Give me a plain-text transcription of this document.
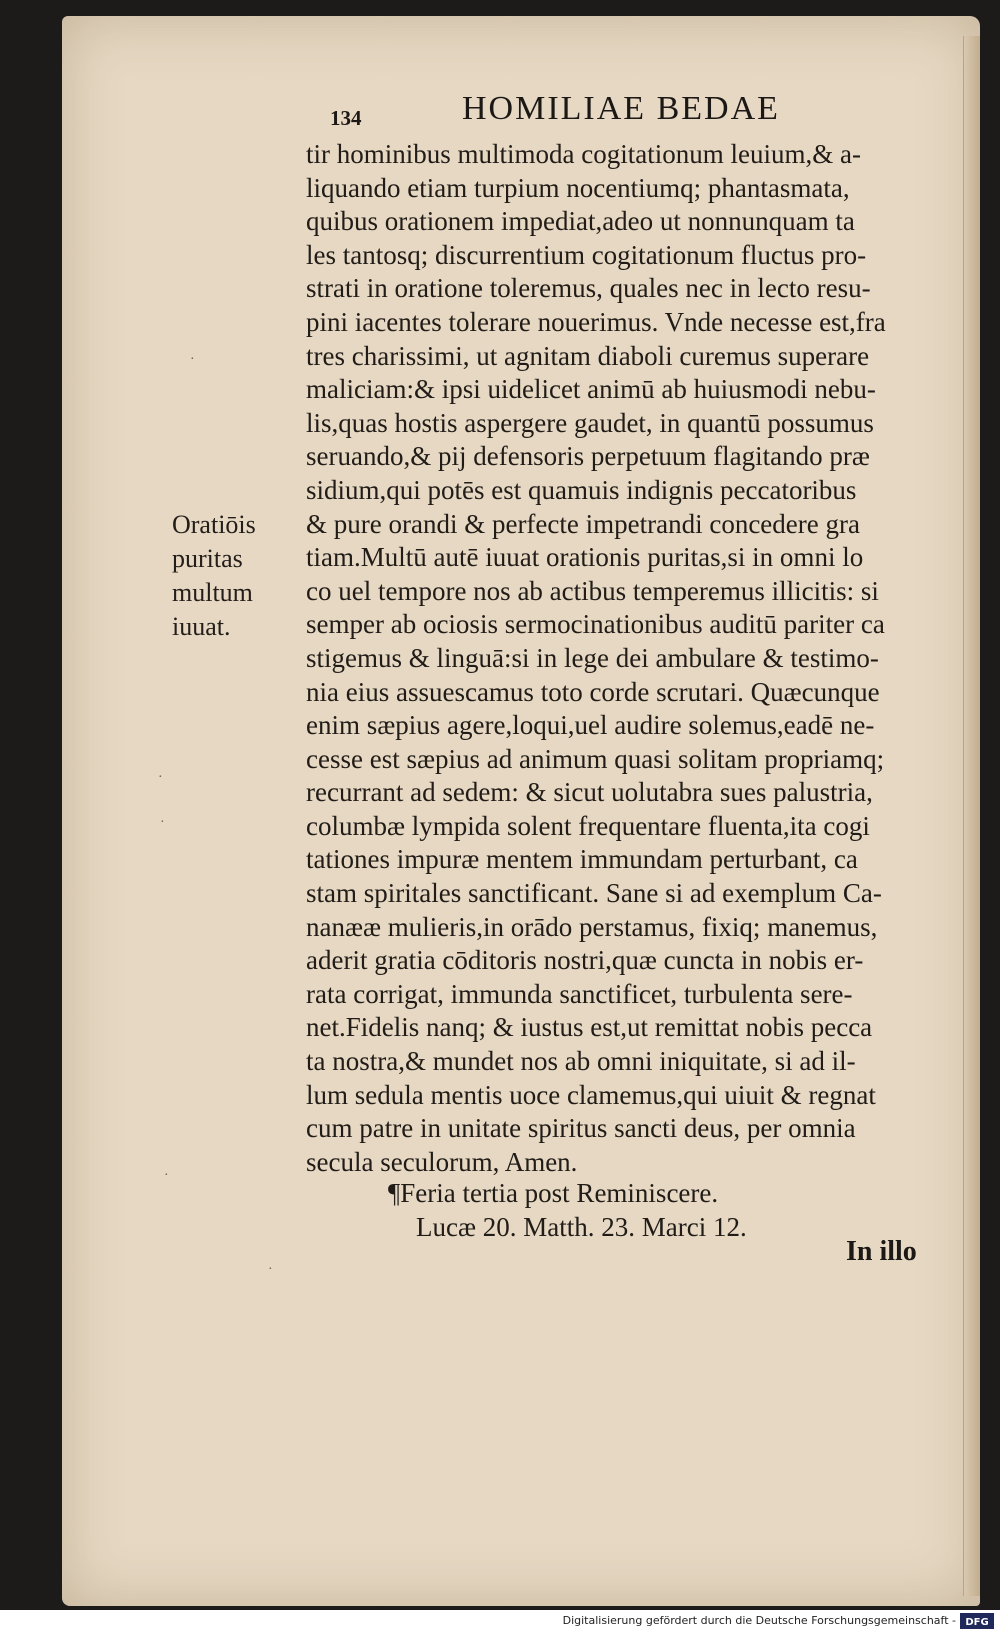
134	HOMILIAE BEDAE
tir hominibus multimoda cogitationum leuium,& a-
liquando etiam turpium nocentiumq; phantasmata,
quibus orationem impediat,adeo ut nonnunquam ta
les tantosq; discurrentium cogitationum fluctus pro-
strati in oratione toleremus, quales nec in lecto resu-
pini iacentes tolerare nouerimus. Vnde necesse est,fra
tres charissimi, ut agnitam diaboli curemus superare
maliciam:& ipsi uidelicet animū ab huiusmodi nebu-
lis,quas hostis aspergere gaudet, in quantū possumus
seruando,& pij defensoris perpetuum flagitando præ
sidium,qui potēs est quamuis indignis peccatoribus
& pure orandi & perfecte impetrandi concedere gra
tiam.Multū autē iuuat orationis puritas,si in omni lo
co uel tempore nos ab actibus temperemus illicitis: si
semper ab ociosis sermocinationibus auditū pariter ca
stigemus & linguā:si in lege dei ambulare & testimo-
nia eius assuescamus toto corde scrutari. Quæcunque
enim sæpius agere,loqui,uel audire solemus,eadē ne-
cesse est sæpius ad animum quasi solitam propriamq;
recurrant ad sedem: & sicut uolutabra sues palustria,
columbæ lympida solent frequentare fluenta,ita cogi
tationes impuræ mentem immundam perturbant, ca
stam spiritales sanctificant. Sane si ad exemplum Ca-
nanææ mulieris,in orādo perstamus, fixiq; manemus,
aderit gratia cōditoris nostri,quæ cuncta in nobis er-
rata corrigat, immunda sanctificet, turbulenta sere-
net.Fidelis nanq; & iustus est,ut remittat nobis pecca
ta nostra,& mundet nos ab omni iniquitate, si ad il-
lum sedula mentis uoce clamemus,qui uiuit & regnat
cum patre in unitate spiritus sancti deus, per omnia
secula seculorum, Amen.
Oratiōis
puritas
multum
iuuat.
¶Feria tertia post Reminiscere.
Lucæ 20. Matth. 23. Marci 12.
In illo
·
·
·
·
·
Digitalisierung gefördert durch die Deutsche Forschungsgemeinschaft - DFG
